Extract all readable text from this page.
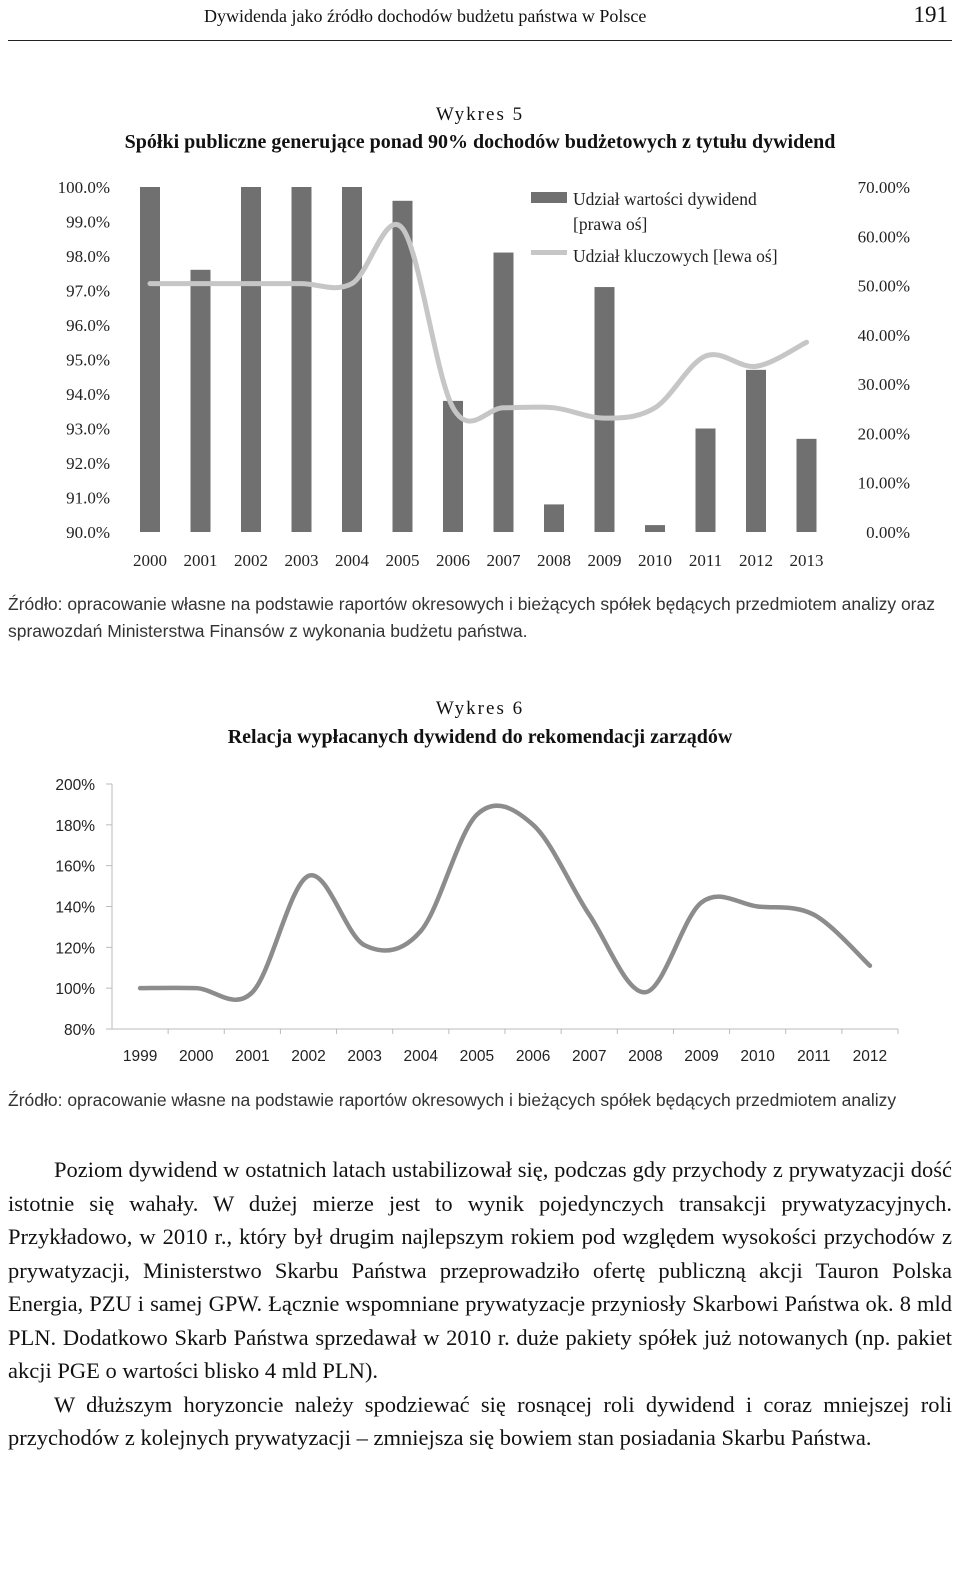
Dywidenda jako źródło dochodów budżetu państwa w Polsce	191
Wykres 5
Spółki publiczne generujące ponad 90% dochodów budżetowych z tytułu dywidend
100.0%
99.0%
98.0%
97.0%
96.0%
95.0%
94.0%
93.0%
92.0%
91.0%
90.0%
70.00%
60.00%
50.00%
40.00%
30.00%
20.00%
10.00%
0.00%
2000 2001 2002 2003 2004 2005 2006 2007 2008 2009 2010 2011 2012 2013
Udział wartości dywidend
[prawa oś]
Udział kluczowych [lewa oś]
Źródło: opracowanie własne na podstawie raportów okresowych i bieżących spółek będących przedmiotem analizy oraz sprawozdań Ministerstwa Finansów z wykonania budżetu państwa.
Wykres 6
Relacja wypłacanych dywidend do rekomendacji zarządów
200%
180%
160%
140%
120%
100%
80%
1999 2000 2001 2002 2003 2004 2005 2006 2007 2008 2009 2010 2011 2012
Źródło: opracowanie własne na podstawie raportów okresowych i bieżących spółek będących przedmiotem analizy

Poziom dywidend w ostatnich latach ustabilizował się, podczas gdy przychody z prywatyzacji dość istotnie się wahały. W dużej mierze jest to wynik pojedynczych transakcji prywatyzacyjnych. Przykładowo, w 2010 r., który był drugim najlepszym rokiem pod względem wysokości przychodów z prywatyzacji, Ministerstwo Skarbu Państwa przeprowadziło ofertę publiczną akcji Tauron Polska Energia, PZU i samej GPW. Łącznie wspomniane prywatyzacje przyniosły Skarbowi Państwa ok. 8 mld PLN. Dodatkowo Skarb Państwa sprzedawał w 2010 r. duże pakiety spółek już notowanych (np. pakiet akcji PGE o wartości blisko 4 mld PLN).

W dłuższym horyzoncie należy spodziewać się rosnącej roli dywidend i coraz mniejszej roli przychodów z kolejnych prywatyzacji – zmniejsza się bowiem stan posiadania Skarbu Państwa.
